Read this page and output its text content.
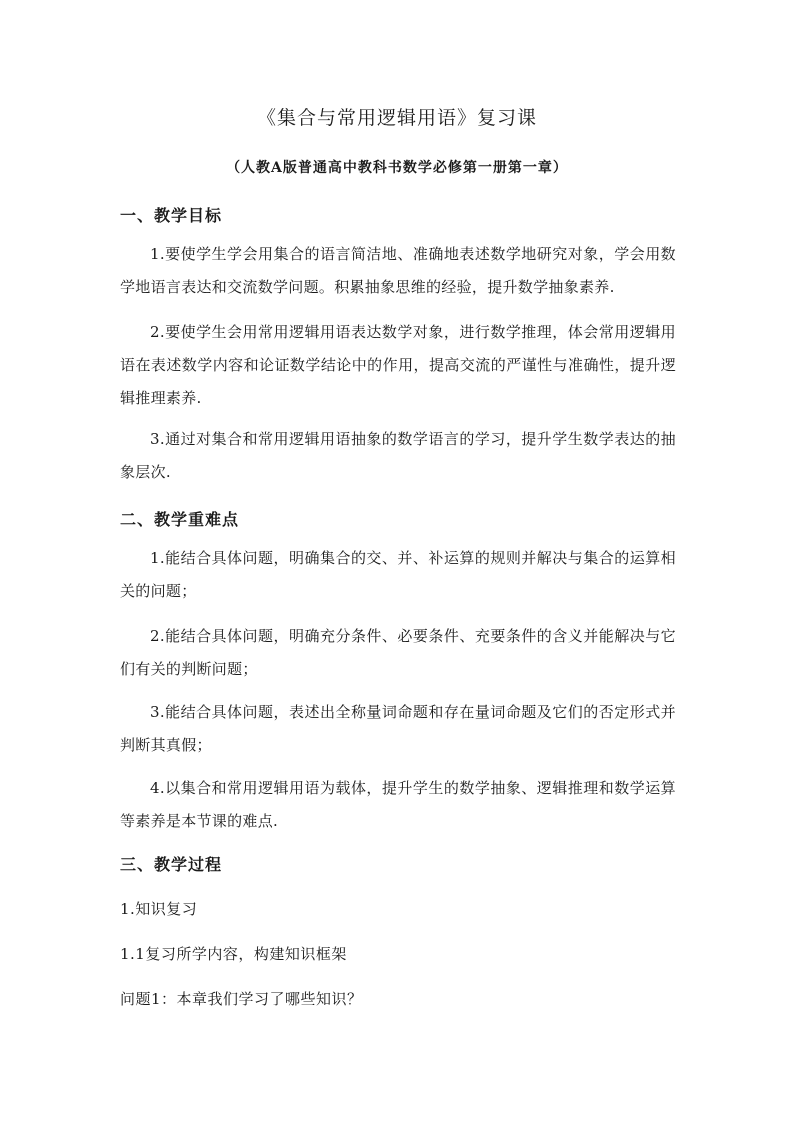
《集合与常用逻辑用语》复习课
（人教A版普通高中教科书数学必修第一册第一章）
一、教学目标
1.要使学生学会用集合的语言简洁地、准确地表述数学地研究对象，学会用数学地语言表达和交流数学问题。积累抽象思维的经验，提升数学抽象素养.
2.要使学生会用常用逻辑用语表达数学对象，进行数学推理，体会常用逻辑用语在表述数学内容和论证数学结论中的作用，提高交流的严谨性与准确性，提升逻辑推理素养.
3.通过对集合和常用逻辑用语抽象的数学语言的学习，提升学生数学表达的抽象层次.
二、教学重难点
1.能结合具体问题，明确集合的交、并、补运算的规则并解决与集合的运算相关的问题；
2.能结合具体问题，明确充分条件、必要条件、充要条件的含义并能解决与它们有关的判断问题；
3.能结合具体问题，表述出全称量词命题和存在量词命题及它们的否定形式并判断其真假；
4.以集合和常用逻辑用语为载体，提升学生的数学抽象、逻辑推理和数学运算等素养是本节课的难点.
三、教学过程
1.知识复习
1.1复习所学内容，构建知识框架
问题1：本章我们学习了哪些知识？
